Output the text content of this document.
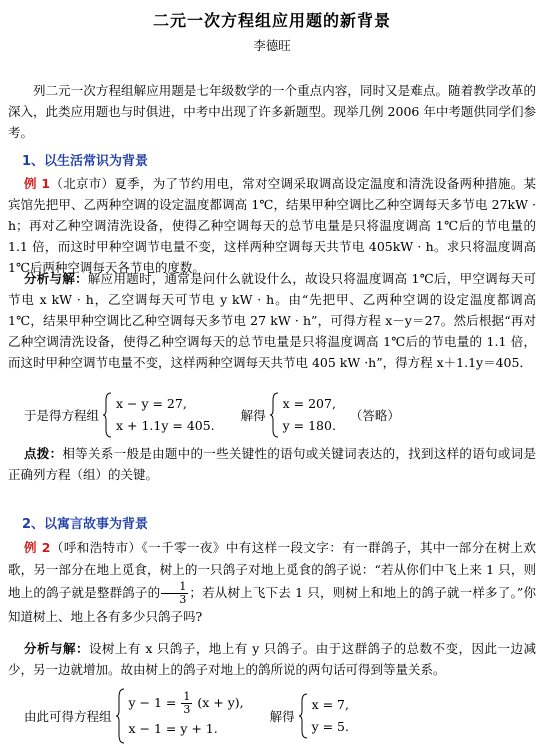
二元一次方程组应用题的新背景
李德旺
列二元一次方程组解应用题是七年级数学的一个重点内容，同时又是难点。随着教学改革的深入，此类应用题也与时俱进，中考中出现了许多新题型。现举几例 2006 年中考题供同学们参考。
1、以生活常识为背景
例 1（北京市）夏季，为了节约用电，常对空调采取调高设定温度和清洗设备两种措施。某宾馆先把甲、乙两种空调的设定温度都调高 1℃，结果甲种空调比乙种空调每天多节电 27kW · h；再对乙种空调清洗设备，使得乙种空调每天的总节电量是只将温度调高 1℃后的节电量的 1.1 倍，而这时甲种空调节电量不变，这样两种空调每天共节电 405kW · h。求只将温度调高 1℃后两种空调每天各节电的度数。
分析与解：解应用题时，通常是问什么就设什么，故设只将温度调高 1℃后，甲空调每天可节电 x kW · h，乙空调每天可节电 y kW · h。由“先把甲、乙两种空调的设定温度都调高 1℃，结果甲种空调比乙种空调每天多节电 27 kW · h”，可得方程 x－y＝27。然后根据“再对乙种空调清洗设备，使得乙种空调每天的总节电量是只将温度调高 1℃后的节电量的 1.1 倍，而这时甲种空调节电量不变，这样两种空调每天共节电 405 kW ·h”，得方程 x＋1.1y＝405．
于是得方程组
x − y = 27,
x + 1.1y = 405.
解得
x = 207,
y = 180.
（答略）
点拨：相等关系一般是由题中的一些关键性的语句或关键词表达的，找到这样的语句或词是正确列方程（组）的关键。
2、以寓言故事为背景
例 2（呼和浩特市）《一千零一夜》中有这样一段文字：有一群鸽子，其中一部分在树上欢歌，另一部分在地上觅食，树上的一只鸽子对地上觅食的鸽子说：“若从你们中飞上来 1 只，则地上的鸽子就是整群鸽子的 $\frac{1}{3}$ ；若从树上飞下去 1 只，则树上和地上的鸽子就一样多了。”你知道树上、地上各有多少只鸽子吗?
分析与解：设树上有 x 只鸽子，地上有 y 只鸽子。由于这群鸽子的总数不变，因此一边减少，另一边就增加。故由树上的鸽子对地上的鸽所说的两句话可得到等量关系。
由此可得方程组
$y - 1 = \frac{1}{3} (x + y)$,
x − 1 = y + 1.
解得
x = 7,
y = 5.
